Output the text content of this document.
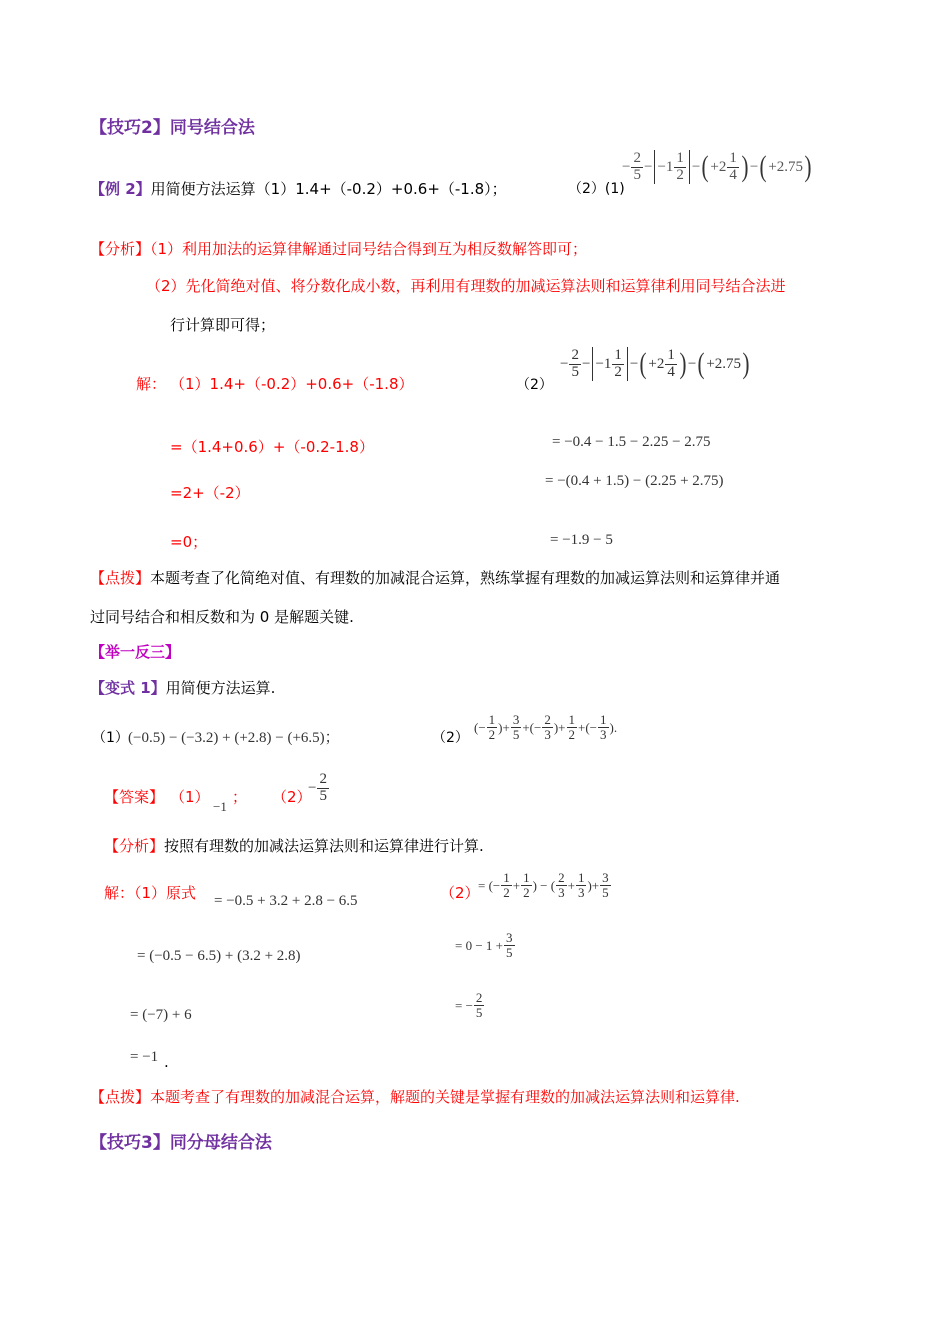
【技巧2】同号结合法
【例 2】用简便方法运算（1）1.4+（-0.2）+0.6+（-1.8）；	（2）(1)
− $\frac{2}{5} - -1 \frac{1}{2}$ − ( $+2 \frac{1}{4}$ ) − ( +2.75 )
【分析】（1）利用加法的运算律解通过同号结合得到互为相反数解答即可；
（2）先化简绝对值、将分数化成小数，再利用有理数的加减运算法则和运算律利用同号结合法进
行计算即可得；
解： （1）1.4+（-0.2）+0.6+（-1.8）
=（1.4+0.6）+（-0.2-1.8）
=2+（-2）
=0；
（2）
− $\frac{2}{5} - -1 \frac{1}{2}$ − ( $+2 \frac{1}{4}$ ) − ( +2.75 )
= −0.4 − 1.5 − 2.25 − 2.75
= −(0.4 + 1.5) − (2.25 + 2.75)
= −1.9 − 5
【点拨】本题考查了化简绝对值、有理数的加减混合运算，熟练掌握有理数的加减运算法则和运算律并通
过同号结合和相反数和为 0 是解题关键.
【举一反三】
【变式 1】用简便方法运算.
（1） (−0.5) − (−3.2) + (+2.8) − (+6.5)；	（2）
(− $\frac{1}{2}$ )+ $\frac{3}{5}$ +(− $\frac{2}{3}$ )+ $\frac{1}{2}$ +(− $\frac{1}{3}$ ).
【答案】 （1）
−1
； （2）
− $\frac{2}{5}$
【分析】按照有理数的加减法运算法则和运算律进行计算.
解：（1）原式 = −0.5 + 3.2 + 2.8 − 6.5
= (−0.5 − 6.5) + (3.2 + 2.8)
= (−7) + 6
= −1 .
（2）
= (− $\frac{1}{2} + \frac{1}{2}$ ) − ( $\frac{2}{3} + \frac{1}{3}$ )+ $\frac{3}{5}$
= $0 - 1 + \frac{3}{5}$
= − $\frac{2}{5}$
【点拨】本题考查了有理数的加减混合运算，解题的关键是掌握有理数的加减法运算法则和运算律.
【技巧3】同分母结合法
